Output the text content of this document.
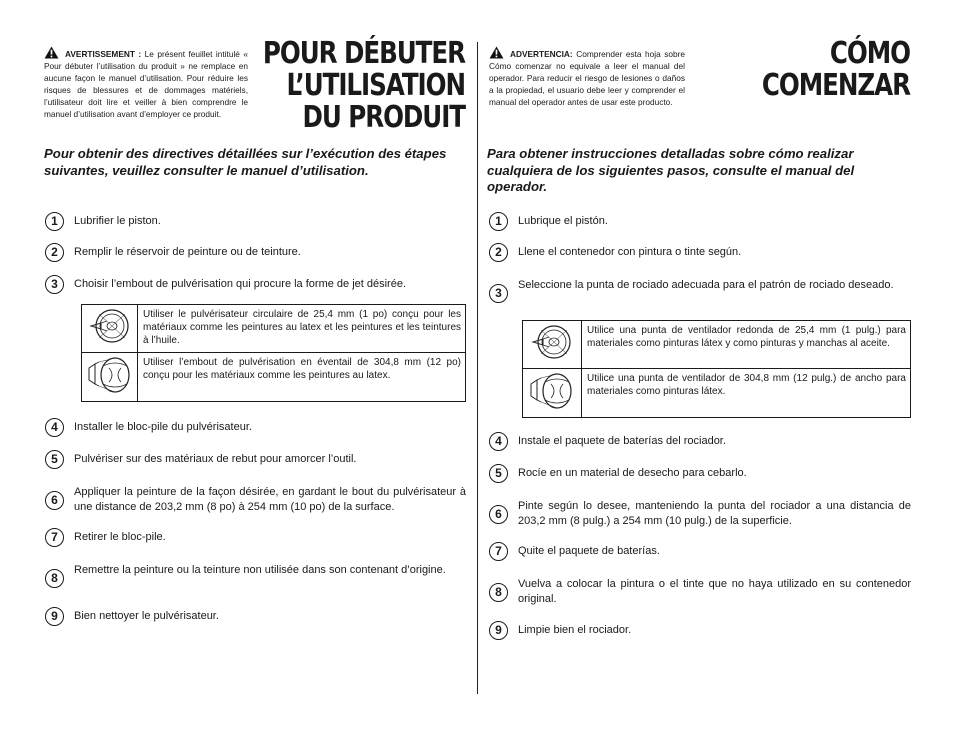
AVERTISSEMENT : Le présent feuillet intitulé « Pour débuter l’utilisation du produit » ne remplace en aucune façon le manuel d’utilisation. Pour réduire les risques de blessures et de dommages matériels, l’utilisateur doit lire et veiller à bien comprendre le manuel d’utilisation avant d’employer ce produit.
POUR DÉBUTER
L’UTILISATION
DU PRODUIT
Pour obtenir des directives détaillées sur l’exécution des étapes suivantes, veuillez consulter le manuel d’utilisation.
1	Lubrifier le piston.
2	Remplir le réservoir de peinture ou de teinture.
3	Choisir l’embout de pulvérisation qui procure la forme de jet désirée.
	Utiliser le pulvérisateur circulaire de 25,4 mm (1 po) conçu pour les matériaux comme les peintures au latex et les peintures et les teintures à l’huile.
	Utiliser l’embout de pulvérisation en éventail de 304,8 mm (12 po) conçu pour les matériaux comme les peintures au latex.
4	Installer le bloc-pile du pulvérisateur.
5	Pulvériser sur des matériaux de rebut pour amorcer l’outil.
6
Appliquer la peinture de la façon désirée, en gardant le bout du pulvérisateur à une distance de 203,2 mm (8 po) à 254 mm (10 po) de la surface.
7	Retirer le bloc-pile.
8
Remettre la peinture ou la teinture non utilisée dans son contenant d’origine.
9	Bien nettoyer le pulvérisateur.
ADVERTENCIA: Comprender esta hoja sobre Cómo comenzar no equivale a leer el manual del operador. Para reducir el riesgo de lesiones o daños a la propiedad, el usuario debe leer y comprender el manual del operador antes de usar este producto.
CÓMO
COMENZAR
Para obtener instrucciones detalladas sobre cómo realizar cualquiera de los siguientes pasos, consulte el manual del operador.
1	Lubrique el pistón.
2	Llene el contenedor con pintura o tinte según.
3
Seleccione la punta de rociado adecuada para el patrón de rociado deseado.
	Utilice una punta de ventilador redonda de 25,4 mm (1 pulg.) para materiales como pinturas látex y como pinturas y manchas al aceite.
	Utilice una punta de ventilador de 304,8 mm (12 pulg.) de ancho para materiales como pinturas látex.
4	Instale el paquete de baterías del rociador.
5	Rocíe en un material de desecho para cebarlo.
6
Pinte según lo desee, manteniendo la punta del rociador a una distancia de 203,2 mm (8 pulg.) a 254 mm (10 pulg.) de la superficie.
7	Quite el paquete de baterías.
8
Vuelva a colocar la pintura o el tinte que no haya utilizado en su contenedor original.
9	Limpie bien el rociador.
